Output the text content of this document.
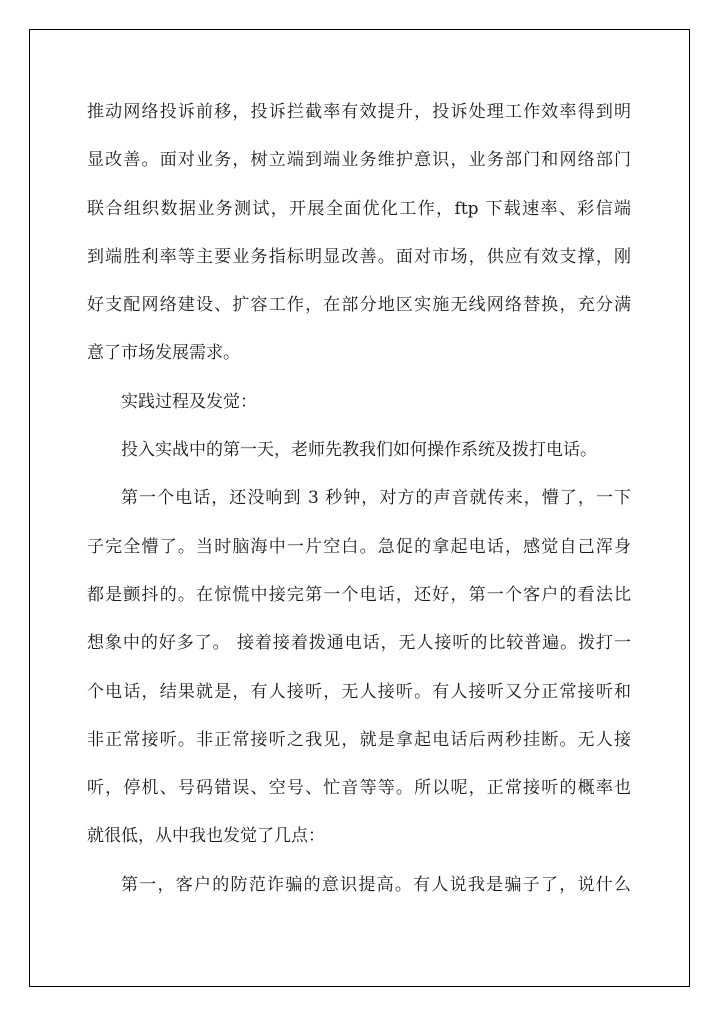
推动网络投诉前移，投诉拦截率有效提升，投诉处理工作效率得到明
显改善。面对业务，树立端到端业务维护意识，业务部门和网络部门
联合组织数据业务测试，开展全面优化工作，ftp 下载速率、彩信端
到端胜利率等主要业务指标明显改善。面对市场，供应有效支撑，刚
好支配网络建设、扩容工作，在部分地区实施无线网络替换，充分满
意了市场发展需求。
实践过程及发觉：
投入实战中的第一天，老师先教我们如何操作系统及拨打电话。
第一个电话，还没响到 3 秒钟，对方的声音就传来，懵了，一下
子完全懵了。当时脑海中一片空白。急促的拿起电话，感觉自己浑身
都是颤抖的。在惊慌中接完第一个电话，还好，第一个客户的看法比
想象中的好多了。 接着接着拨通电话，无人接听的比较普遍。拨打一
个电话，结果就是，有人接听，无人接听。有人接听又分正常接听和
非正常接听。非正常接听之我见，就是拿起电话后两秒挂断。无人接
听，停机、号码错误、空号、忙音等等。所以呢，正常接听的概率也
就很低，从中我也发觉了几点：
第一，客户的防范诈骗的意识提高。有人说我是骗子了，说什么
